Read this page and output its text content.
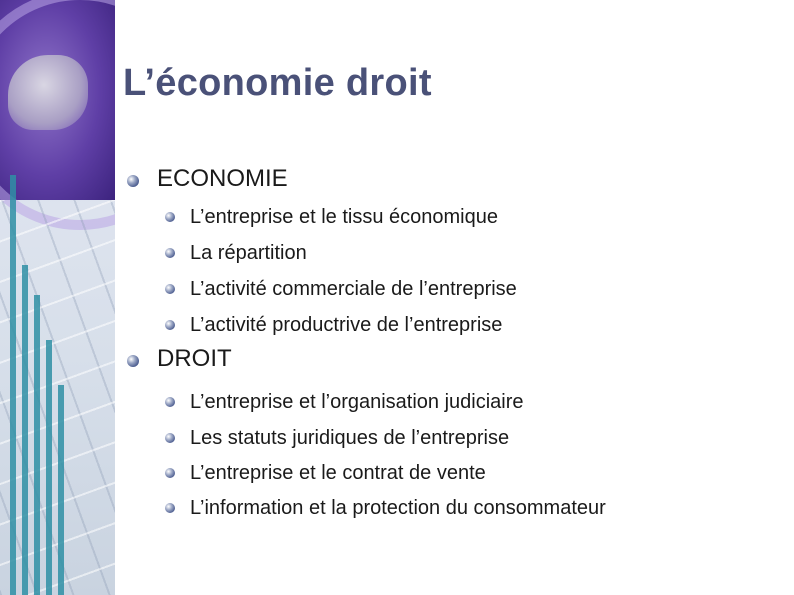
L’économie droit
ECONOMIE
L’entreprise et le tissu économique
La répartition
L’activité commerciale de l’entreprise
L’activité productrive de l’entreprise
DROIT
L’entreprise et l’organisation judiciaire
Les statuts juridiques de l’entreprise
L’entreprise et le contrat de vente
L’information et la protection du consommateur
